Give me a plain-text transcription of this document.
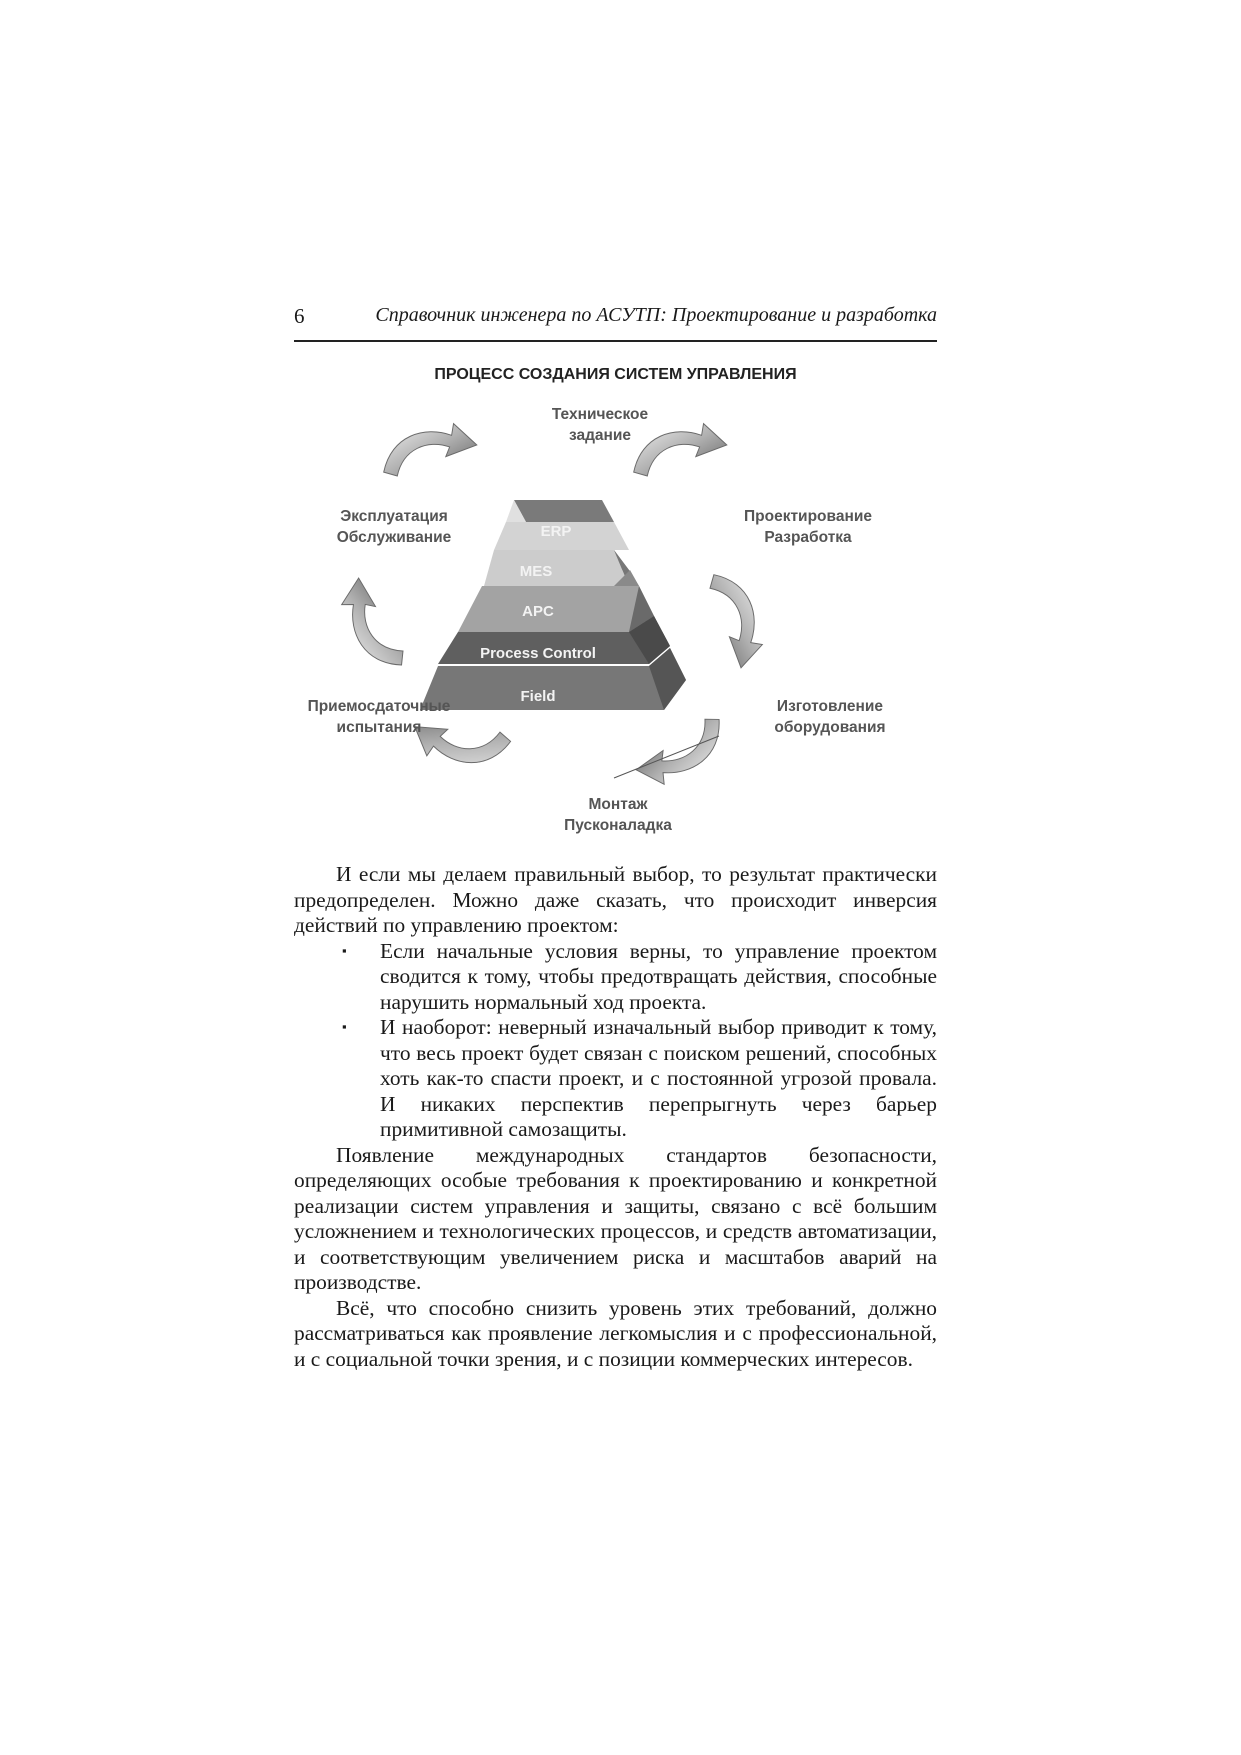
6	Справочник инженера по АСУТП: Проектирование и разработка
ERP
MES
APC
Process Control
Field
ПРОЦЕСС СОЗДАНИЯ СИСТЕМ УПРАВЛЕНИЯ
Техническое
задание
Проектирование
Разработка
Изготовление
оборудования
Монтаж
Пусконаладка
Приемосдаточные
испытания
Эксплуатация
Обслуживание

И если мы делаем правильный выбор, то результат практически предопределен. Можно даже сказать, что происходит инверсия действий по управлению проектом:

▪ Если начальные условия верны, то управление проектом сводится к тому, чтобы предотвращать действия, способные нарушить нормальный ход проекта.
▪ И наоборот: неверный изначальный выбор приводит к тому, что весь проект будет связан с поиском решений, способных хоть как-то спасти проект, и с постоянной угрозой провала. И никаких перспектив перепрыгнуть через барьер примитивной самозащиты.

Появление международных стандартов безопасности, определяющих особые требования к проектированию и конкретной реализации систем управления и защиты, связано с всё большим усложнением и технологических процессов, и средств автоматизации, и соответствующим увеличением риска и масштабов аварий на производстве.

Всё, что способно снизить уровень этих требований, должно рассматриваться как проявление легкомыслия и с профессиональной, и с социальной точки зрения, и с позиции коммерческих интересов.
